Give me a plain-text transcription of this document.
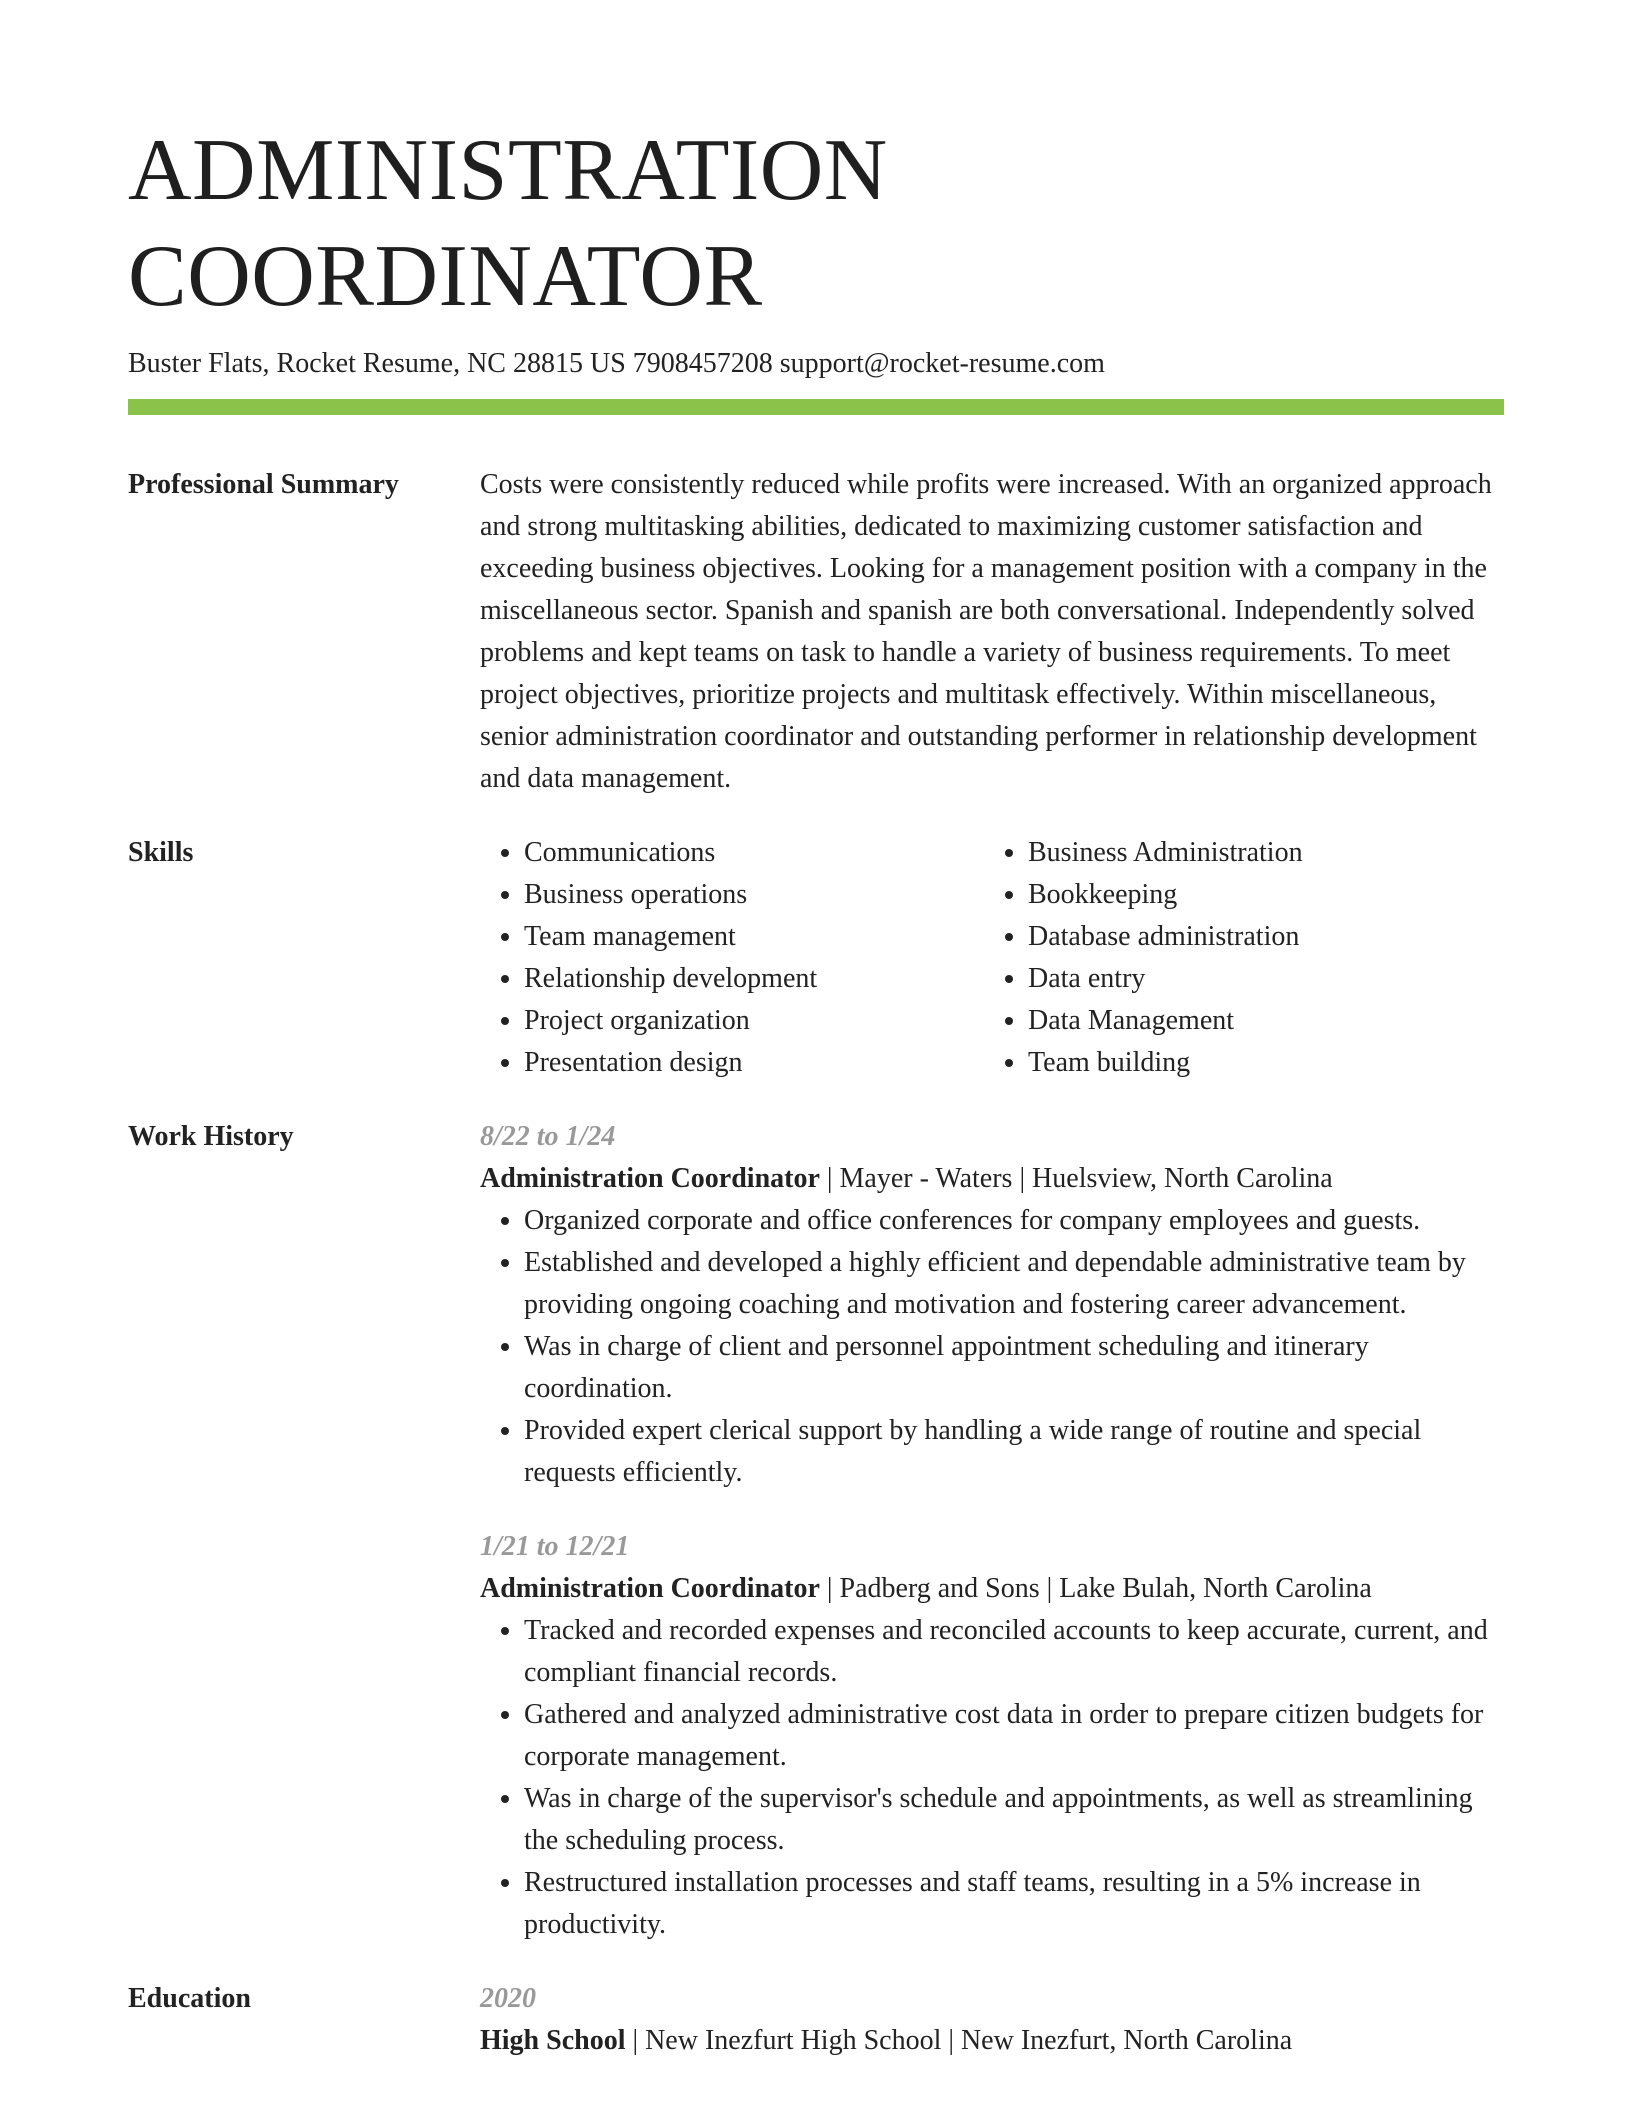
ADMINISTRATION COORDINATOR
Buster Flats, Rocket Resume, NC 28815 US 7908457208 support@rocket-resume.com
Professional Summary	Costs were consistently reduced while profits were increased. With an organized approach and strong multitasking abilities, dedicated to maximizing customer satisfaction and exceeding business objectives. Looking for a management position with a company in the miscellaneous sector. Spanish and spanish are both conversational. Independently solved problems and kept teams on task to handle a variety of business requirements. To meet project objectives, prioritize projects and multitask effectively. Within miscellaneous, senior administration coordinator and outstanding performer in relationship development and data management.

Skills
•	Communications
• Business operations
• Team management
• Relationship development
• Project organization
• Presentation design
• Business Administration
• Bookkeeping
• Database administration
• Data entry
• Data Management
• Team building
Work History	8/22 to 1/24
Administration Coordinator | Mayer - Waters | Huelsview, North Carolina
• Organized corporate and office conferences for company employees and guests.
• Established and developed a highly efficient and dependable administrative team by providing ongoing coaching and motivation and fostering career advancement.
• Was in charge of client and personnel appointment scheduling and itinerary coordination.
• Provided expert clerical support by handling a wide range of routine and special requests efficiently.
1/21 to 12/21
Administration Coordinator | Padberg and Sons | Lake Bulah, North Carolina
• Tracked and recorded expenses and reconciled accounts to keep accurate, current, and compliant financial records.
• Gathered and analyzed administrative cost data in order to prepare citizen budgets for corporate management.
• Was in charge of the supervisor's schedule and appointments, as well as streamlining the scheduling process.
• Restructured installation processes and staff teams, resulting in a 5% increase in productivity.
Education	2020
High School | New Inezfurt High School | New Inezfurt, North Carolina
